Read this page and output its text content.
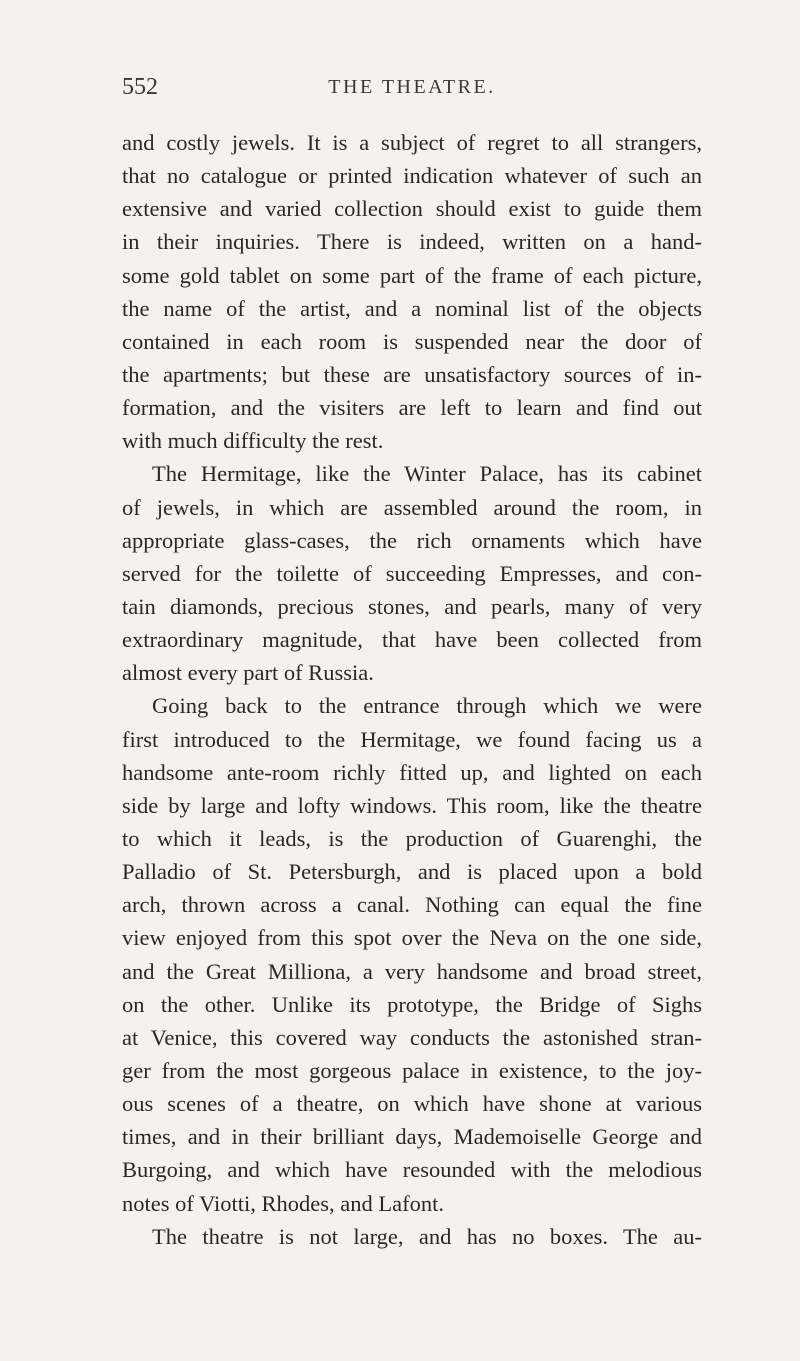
552	THE THEATRE.
and costly jewels. It is a subject of regret to all strangers,
that no catalogue or printed indication whatever of such an
extensive and varied collection should exist to guide them
in their inquiries. There is indeed, written on a hand-
some gold tablet on some part of the frame of each picture,
the name of the artist, and a nominal list of the objects
contained in each room is suspended near the door of
the apartments; but these are unsatisfactory sources of in-
formation, and the visiters are left to learn and find out
with much difficulty the rest.
The Hermitage, like the Winter Palace, has its cabinet
of jewels, in which are assembled around the room, in
appropriate glass-cases, the rich ornaments which have
served for the toilette of succeeding Empresses, and con-
tain diamonds, precious stones, and pearls, many of very
extraordinary magnitude, that have been collected from
almost every part of Russia.
Going back to the entrance through which we were
first introduced to the Hermitage, we found facing us a
handsome ante-room richly fitted up, and lighted on each
side by large and lofty windows. This room, like the theatre
to which it leads, is the production of Guarenghi, the
Palladio of St. Petersburgh, and is placed upon a bold
arch, thrown across a canal. Nothing can equal the fine
view enjoyed from this spot over the Neva on the one side,
and the Great Milliona, a very handsome and broad street,
on the other. Unlike its prototype, the Bridge of Sighs
at Venice, this covered way conducts the astonished stran-
ger from the most gorgeous palace in existence, to the joy-
ous scenes of a theatre, on which have shone at various
times, and in their brilliant days, Mademoiselle George and
Burgoing, and which have resounded with the melodious
notes of Viotti, Rhodes, and Lafont.
The theatre is not large, and has no boxes. The au-
